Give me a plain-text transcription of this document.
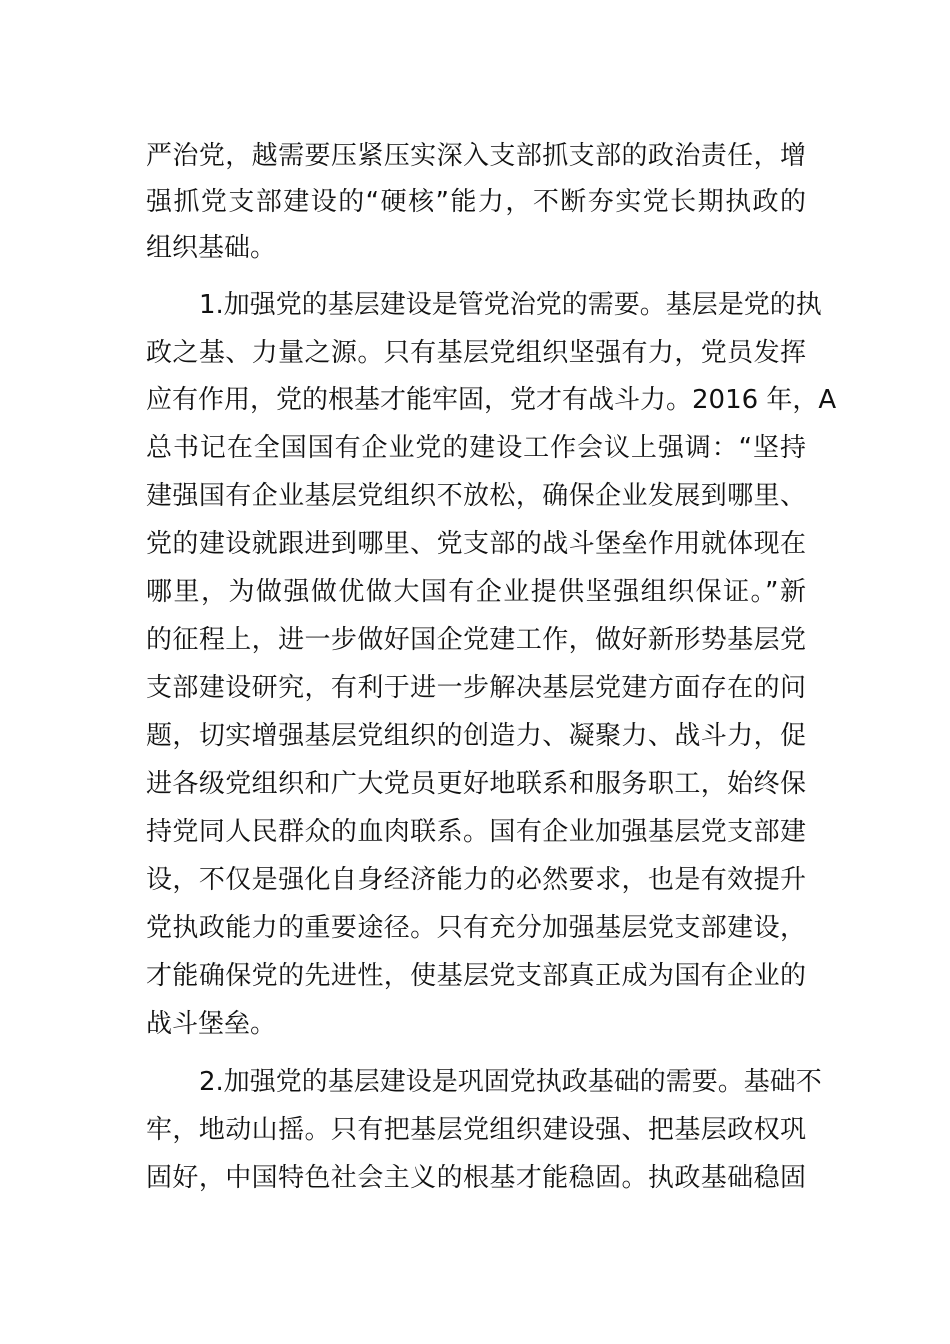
严治党，越需要压紧压实深入支部抓支部的政治责任，增
强抓党支部建设的“硬核”能力，不断夯实党长期执政的
组织基础。
1.加强党的基层建设是管党治党的需要。基层是党的执
政之基、力量之源。只有基层党组织坚强有力，党员发挥
应有作用，党的根基才能牢固，党才有战斗力。2016 年，A
总书记在全国国有企业党的建设工作会议上强调：“坚持
建强国有企业基层党组织不放松，确保企业发展到哪里、
党的建设就跟进到哪里、党支部的战斗堡垒作用就体现在
哪里，为做强做优做大国有企业提供坚强组织保证。”新
的征程上，进一步做好国企党建工作，做好新形势基层党
支部建设研究，有利于进一步解决基层党建方面存在的问
题，切实增强基层党组织的创造力、凝聚力、战斗力，促
进各级党组织和广大党员更好地联系和服务职工，始终保
持党同人民群众的血肉联系。国有企业加强基层党支部建
设，不仅是强化自身经济能力的必然要求，也是有效提升
党执政能力的重要途径。只有充分加强基层党支部建设，
才能确保党的先进性，使基层党支部真正成为国有企业的
战斗堡垒。
2.加强党的基层建设是巩固党执政基础的需要。基础不
牢，地动山摇。只有把基层党组织建设强、把基层政权巩
固好，中国特色社会主义的根基才能稳固。执政基础稳固
